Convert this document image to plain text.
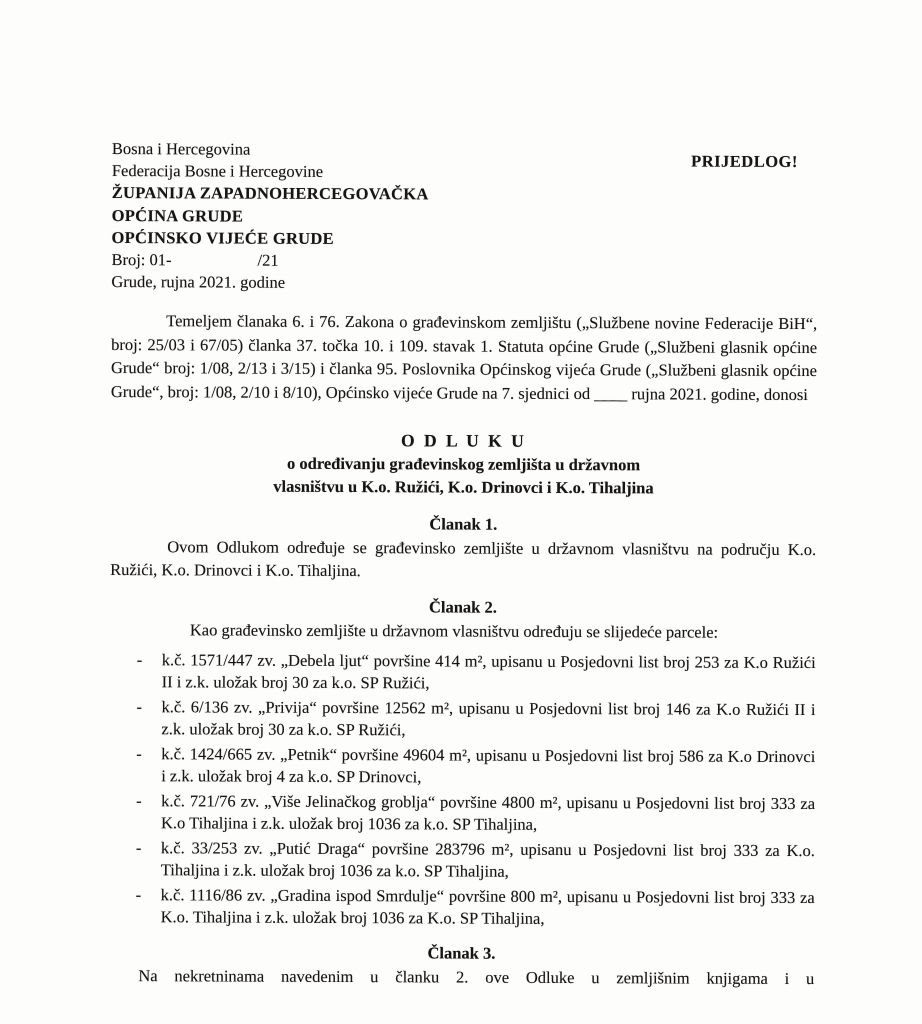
Bosna i Hercegovina
Federacija Bosne i Hercegovine
ŽUPANIJA ZAPADNOHERCEGOVAČKA
OPĆINA GRUDE
OPĆINSKO VIJEĆE GRUDE
Broj: 01-	/21
Grude, rujna 2021. godine
PRIJEDLOG!

Temeljem članaka 6. i 76. Zakona o građevinskom zemljištu („Službene novine Federacije BiH“, broj: 25/03 i 67/05) članka 37. točka 10. i 109. stavak 1. Statuta općine Grude („Službeni glasnik općine Grude“ broj: 1/08, 2/13 i 3/15) i članka 95. Poslovnika Općinskog vijeća Grude („Službeni glasnik općine Grude“, broj: 1/08, 2/10 i 8/10), Općinsko vijeće Grude na 7. sjednici od ____ rujna 2021. godine, donosi

O D L U K U
o određivanju građevinskog zemljišta u državnom
vlasništvu u K.o. Ružići, K.o. Drinovci i K.o. Tihaljina
Članak 1.

Ovom Odlukom određuje se građevinsko zemljište u državnom vlasništvu na području K.o. Ružići, K.o. Drinovci i K.o. Tihaljina.

Članak 2.

Kao građevinsko zemljište u državnom vlasništvu određuju se slijedeće parcele:

- k.č. 1571/447 zv. „Debela ljut“ površine 414 m², upisanu u Posjedovni list broj 253 za K.o Ružići II i z.k. uložak broj 30 za k.o. SP Ružići,
- k.č. 6/136 zv. „Privija“ površine 12562 m², upisanu u Posjedovni list broj 146 za K.o Ružići II i z.k. uložak broj 30 za k.o. SP Ružići,
- k.č. 1424/665 zv. „Petnik“ površine 49604 m², upisanu u Posjedovni list broj 586 za K.o Drinovci i z.k. uložak broj 4 za k.o. SP Drinovci,
- k.č. 721/76 zv. „Više Jelinačkog groblja“ površine 4800 m², upisanu u Posjedovni list broj 333 za K.o Tihaljina i z.k. uložak broj 1036 za k.o. SP Tihaljina,
- k.č. 33/253 zv. „Putić Draga“ površine 283796 m², upisanu u Posjedovni list broj 333 za K.o. Tihaljina i z.k. uložak broj 1036 za k.o. SP Tihaljina,
- k.č. 1116/86 zv. „Gradina ispod Smrdulje“ površine 800 m², upisanu u Posjedovni list broj 333 za K.o. Tihaljina i z.k. uložak broj 1036 za K.o. SP Tihaljina,
Članak 3.

Na nekretninama navedenim u članku 2. ove Odluke u zemljišnim knjigama i u
